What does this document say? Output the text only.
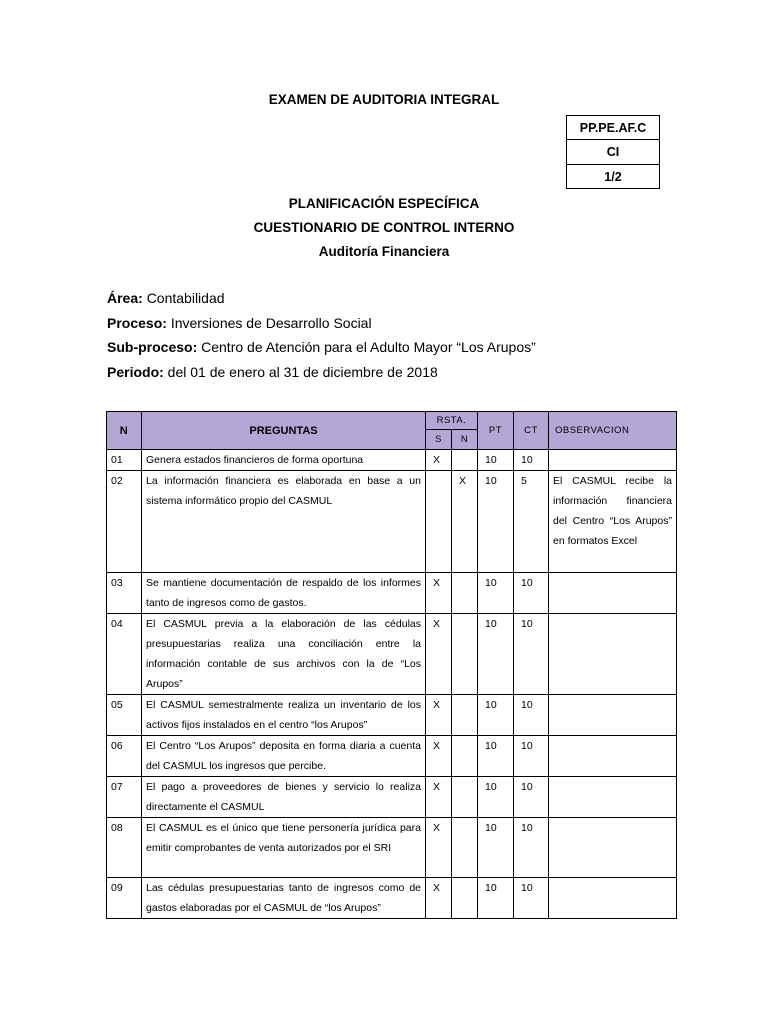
EXAMEN DE AUDITORIA INTEGRAL
PP.PE.AF.C
CI
1/2
PLANIFICACIÓN ESPECÍFICA
CUESTIONARIO DE CONTROL INTERNO
Auditoría Financiera
Área: Contabilidad
Proceso: Inversiones de Desarrollo Social
Sub-proceso: Centro de Atención para el Adulto Mayor “Los Arupos”
Periodo: del 01 de enero al 31 de diciembre de 2018
N	PREGUNTAS	RSTA.		PT	CT	OBSERVACION
		S	N			
01	Genera estados financieros de forma oportuna	X		10	10	
02	La información financiera es elaborada en base a un sistema informático propio del CASMUL		X	10	5	El CASMUL recibe la información financiera del Centro “Los Arupos” en formatos Excel
03	Se mantiene documentación de respaldo de los informes tanto de ingresos como de gastos.	X		10	10	
04	El CASMUL previa a la elaboración de las cédulas presupuestarias realiza una conciliación entre la información contable de sus archivos con la de “Los Arupos”	X		10	10	
05	El CASMUL semestralmente realiza un inventario de los activos fijos instalados en el centro “los Arupos”	X		10	10	
06	El Centro “Los Arupos” deposita en forma diaria a cuenta del CASMUL los ingresos que percibe.	X		10	10	
07	El pago a proveedores de bienes y servicio lo realiza directamente el CASMUL	X		10	10	
08	El CASMUL es el único que tiene personería jurídica para emitir comprobantes de venta autorizados por el SRI	X		10	10	
09	Las cédulas presupuestarias tanto de ingresos como de gastos elaboradas por el CASMUL de “los Arupos”	X		10	10	
